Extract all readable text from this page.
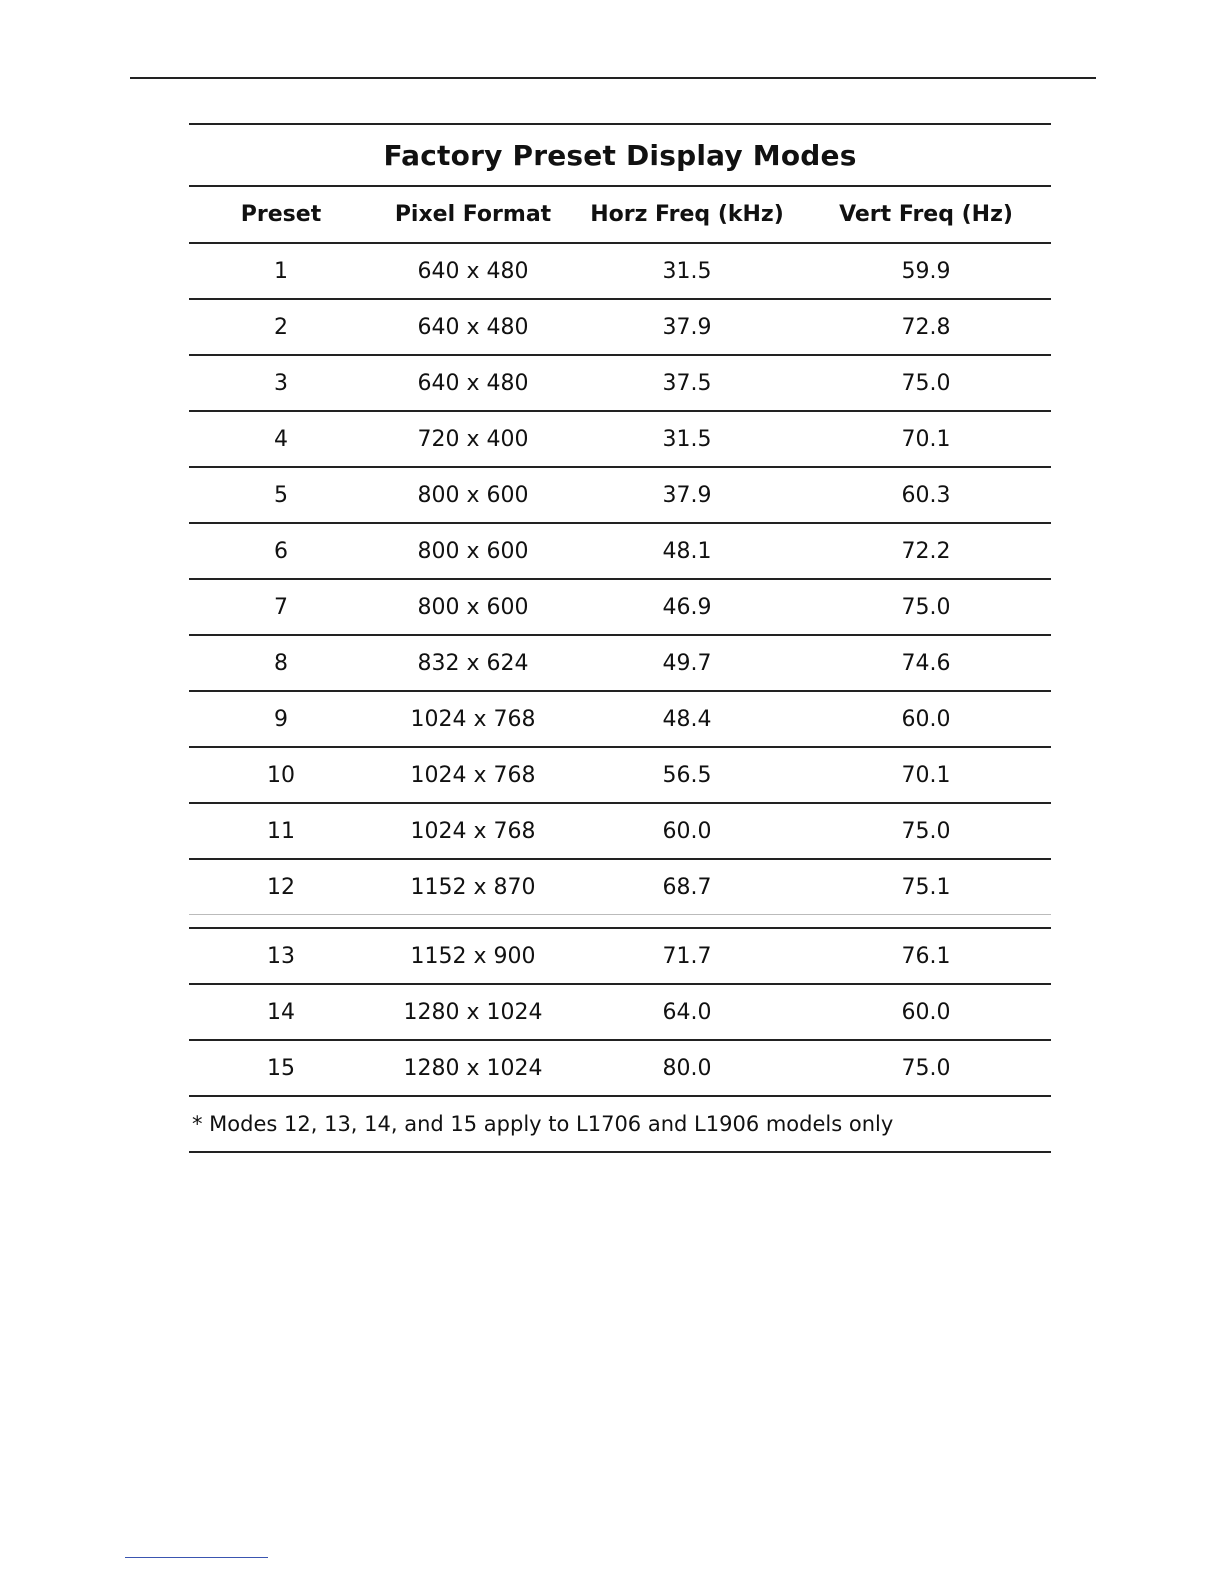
Factory Preset Display Modes			
Preset	Pixel Format	Horz Freq (kHz)	Vert Freq (Hz)
1	640 x 480	31.5	59.9
2	640 x 480	37.9	72.8
3	640 x 480	37.5	75.0
4	720 x 400	31.5	70.1
5	800 x 600	37.9	60.3
6	800 x 600	48.1	72.2
7	800 x 600	46.9	75.0
8	832 x 624	49.7	74.6
9	1024 x 768	48.4	60.0
10	1024 x 768	56.5	70.1
11	1024 x 768	60.0	75.0
12	1152 x 870	68.7	75.1

13	1152 x 900	71.7	76.1
14	1280 x 1024	64.0	60.0
15	1280 x 1024	80.0	75.0
* Modes 12, 13, 14, and 15 apply to L1706 and L1906 models only			
